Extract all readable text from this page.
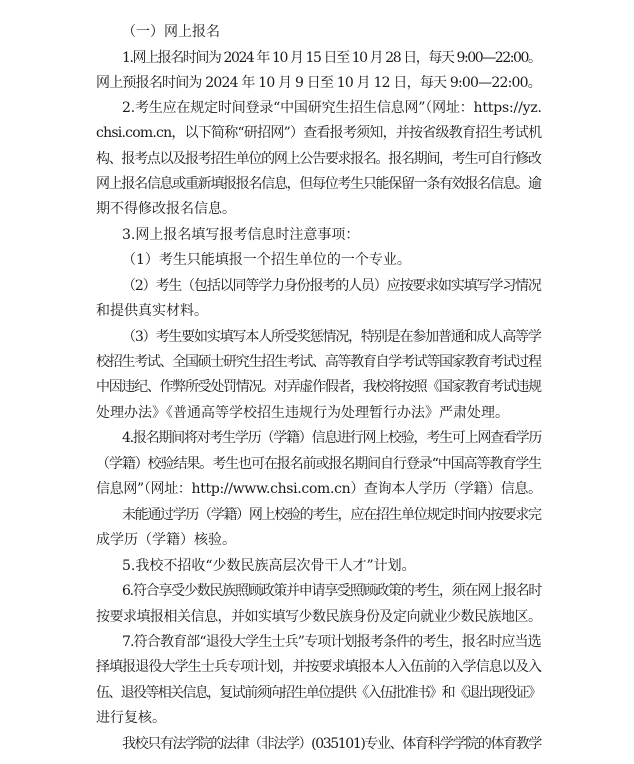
（一）网上报名
1.网上报名时间为 2024 年 10 月 15 日至 10 月 28 日，每天 9:00—22:00。
网上预报名时间为 2024 年 10 月 9 日至 10 月 12 日，每天 9:00—22:00。
2.考生应在规定时间登录“中国研究生招生信息网”（网址：https://yz.
chsi.com.cn，以下简称“研招网”）查看报考须知，并按省级教育招生考试机
构、报考点以及报考招生单位的网上公告要求报名。报名期间，考生可自行修改
网上报名信息或重新填报报名信息，但每位考生只能保留一条有效报名信息。逾
期不得修改报名信息。
3.网上报名填写报考信息时注意事项：
（1）考生只能填报一个招生单位的一个专业。
（2）考生（包括以同等学力身份报考的人员）应按要求如实填写学习情况
和提供真实材料。
（3）考生要如实填写本人所受奖惩情况，特别是在参加普通和成人高等学
校招生考试、全国硕士研究生招生考试、高等教育自学考试等国家教育考试过程
中因违纪、作弊所受处罚情况。对弄虚作假者，我校将按照《国家教育考试违规
处理办法》《普通高等学校招生违规行为处理暂行办法》严肃处理。
4.报名期间将对考生学历（学籍）信息进行网上校验，考生可上网查看学历
（学籍）校验结果。考生也可在报名前或报名期间自行登录“中国高等教育学生
信息网”（网址：http://www.chsi.com.cn）查询本人学历（学籍）信息。
未能通过学历（学籍）网上校验的考生，应在招生单位规定时间内按要求完
成学历（学籍）核验。
5.我校不招收“少数民族高层次骨干人才”计划。
6.符合享受少数民族照顾政策并申请享受照顾政策的考生，须在网上报名时
按要求填报相关信息，并如实填写少数民族身份及定向就业少数民族地区。
7.符合教育部“退役大学生士兵”专项计划报考条件的考生，报名时应当选
择填报退役大学生士兵专项计划，并按要求填报本人入伍前的入学信息以及入
伍、退役等相关信息，复试前须向招生单位提供《入伍批准书》和《退出现役证》
进行复核。
我校只有法学院的法律（非法学）(035101)专业、体育科学学院的体育教学
